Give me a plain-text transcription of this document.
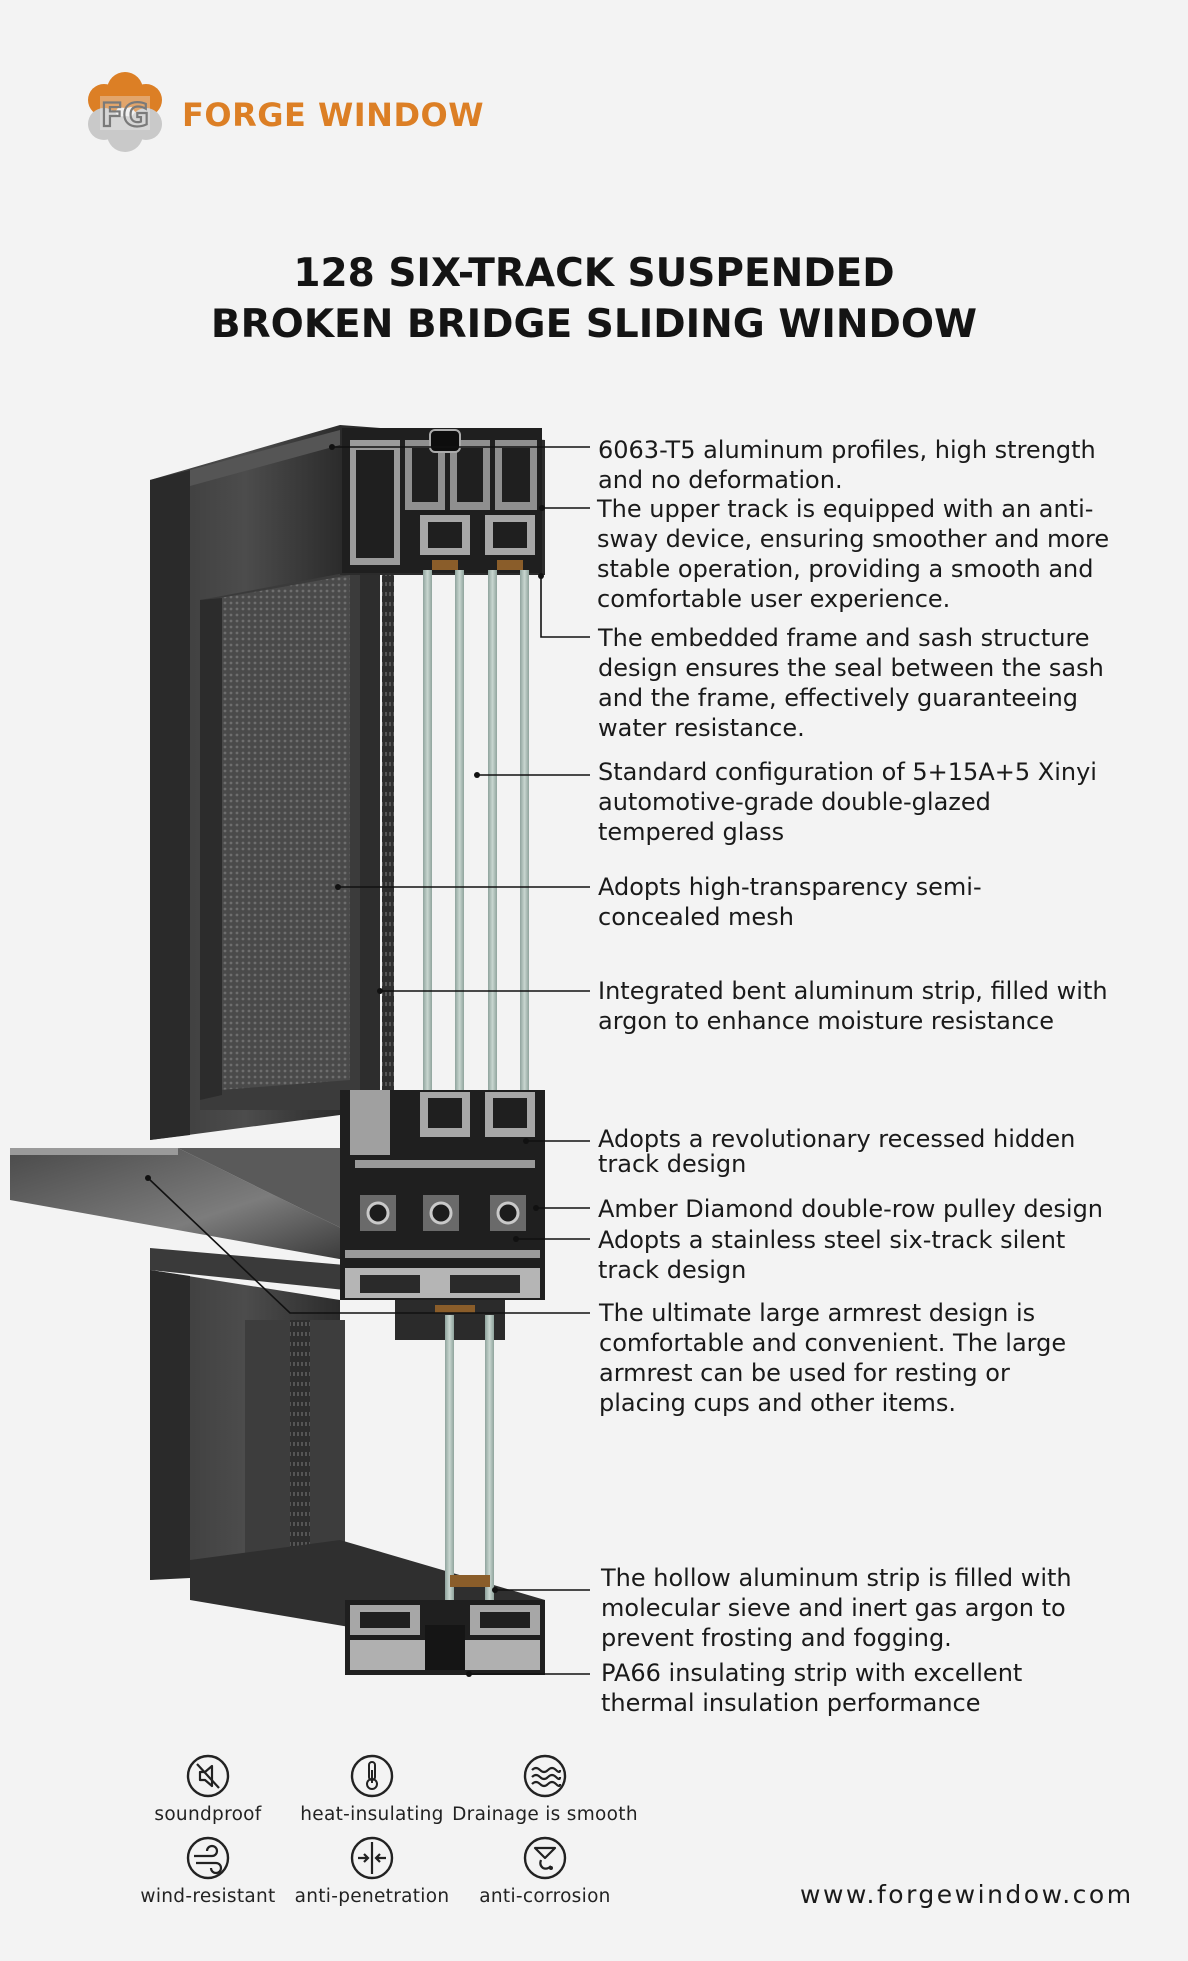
FG FORGE WINDOW
128 SIX-TRACK SUSPENDED
BROKEN BRIDGE SLIDING WINDOW
6063-T5 aluminum profiles, high strength
and no deformation.
The upper track is equipped with an anti-
sway device, ensuring smoother and more
stable operation, providing a smooth and
comfortable user experience.
The embedded frame and sash structure
design ensures the seal between the sash
and the frame, effectively guaranteeing
water resistance.
Standard configuration of 5+15A+5 Xinyi
automotive-grade double-glazed
tempered glass
Adopts high-transparency semi-
concealed mesh
Integrated bent aluminum strip, filled with
argon to enhance moisture resistance
Adopts a revolutionary recessed hidden
track design
Amber Diamond double-row pulley design
Adopts a stainless steel six-track silent
track design
The ultimate large armrest design is
comfortable and convenient. The large
armrest can be used for resting or
placing cups and other items.
The hollow aluminum strip is filled with
molecular sieve and inert gas argon to
prevent frosting and fogging.
PA66 insulating strip with excellent
thermal insulation performance
soundproof	heat-insulating Drainage is smooth
wind-resistant	anti-penetration	anti-corrosion	www.forgewindow.com
